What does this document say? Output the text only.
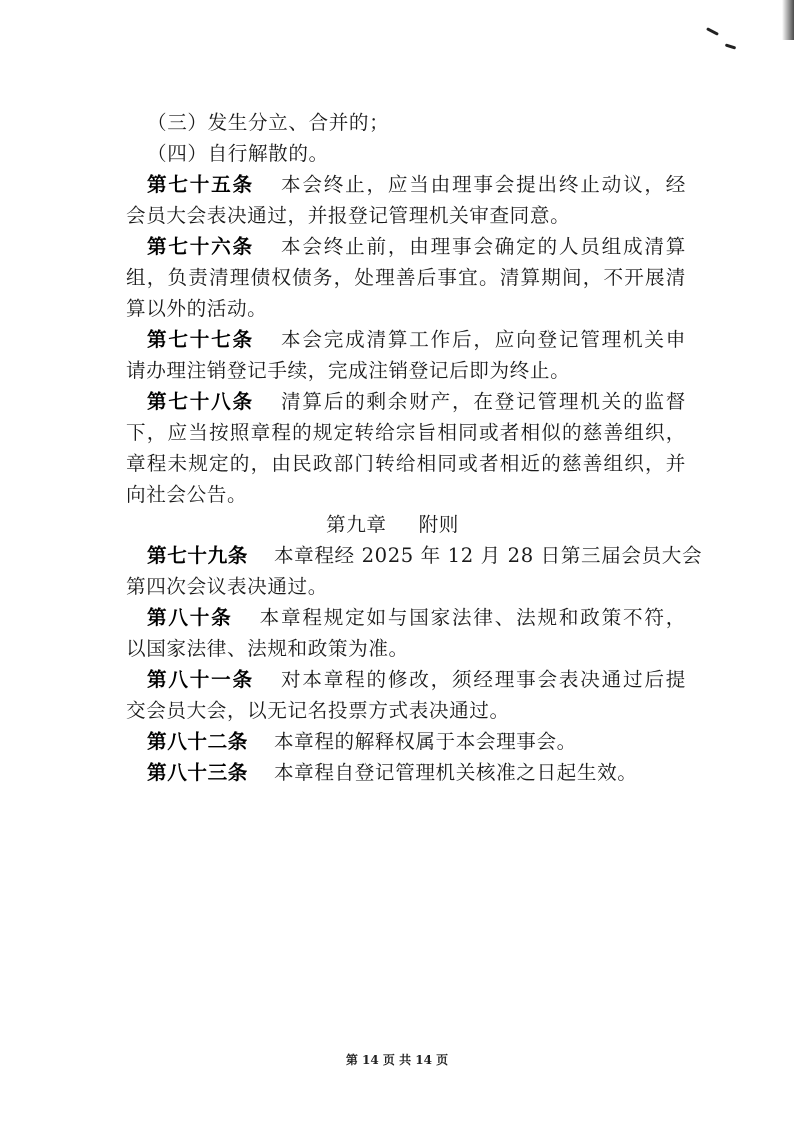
（三）发生分立、合并的；
（四）自行解散的。
第七十五条 本会终止，应当由理事会提出终止动议，经
会员大会表决通过，并报登记管理机关审查同意。
第七十六条 本会终止前，由理事会确定的人员组成清算
组，负责清理债权债务，处理善后事宜。清算期间，不开展清
算以外的活动。
第七十七条 本会完成清算工作后，应向登记管理机关申
请办理注销登记手续，完成注销登记后即为终止。
第七十八条 清算后的剩余财产，在登记管理机关的监督
下，应当按照章程的规定转给宗旨相同或者相似的慈善组织，
章程未规定的，由民政部门转给相同或者相近的慈善组织，并
向社会公告。
第九章 附则
第七十九条 本章程经 2025 年 12 月 28 日第三届会员大会
第四次会议表决通过。
第八十条 本章程规定如与国家法律、法规和政策不符，
以国家法律、法规和政策为准。
第八十一条 对本章程的修改，须经理事会表决通过后提
交会员大会，以无记名投票方式表决通过。
第八十二条 本章程的解释权属于本会理事会。
第八十三条 本章程自登记管理机关核准之日起生效。
第 14 页 共 14 页
